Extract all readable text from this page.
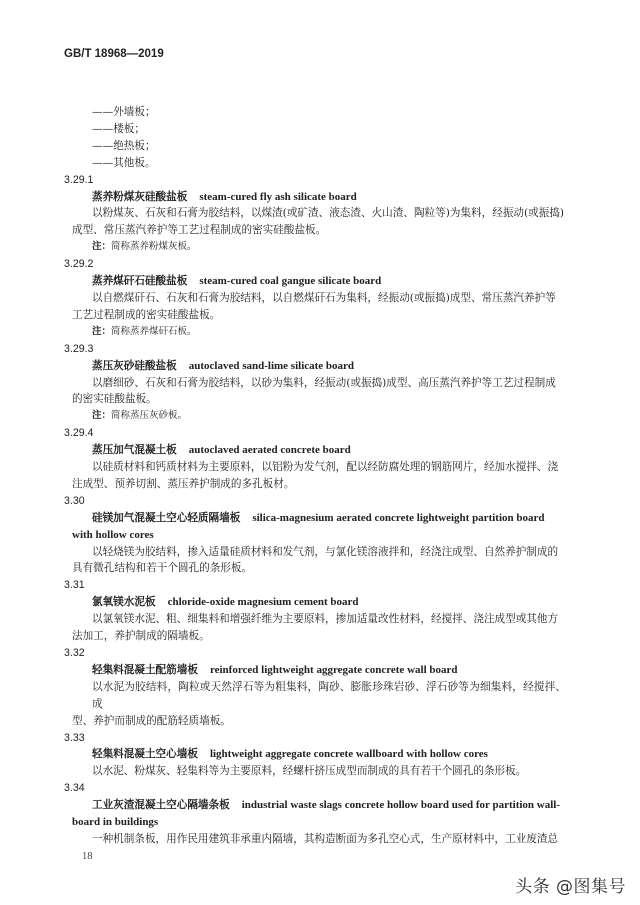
GB/T 18968—2019
——外墙板；
——楼板；
——绝热板；
——其他板。
3.29.1
蒸养粉煤灰硅酸盐板 steam-cured fly ash silicate board
以粉煤灰、石灰和石膏为胶结料，以煤渣(或矿渣、液态渣、火山渣、陶粒等)为集料，经振动(或振捣)
成型、常压蒸汽养护等工艺过程制成的密实硅酸盐板。
注：简称蒸养粉煤灰板。
3.29.2
蒸养煤矸石硅酸盐板 steam-cured coal gangue silicate board
以自燃煤矸石、石灰和石膏为胶结料，以自燃煤矸石为集料，经振动(或振捣)成型、常压蒸汽养护等
工艺过程制成的密实硅酸盐板。
注：简称蒸养煤矸石板。
3.29.3
蒸压灰砂硅酸盐板 autoclaved sand-lime silicate board
以磨细砂、石灰和石膏为胶结料，以砂为集料，经振动(或振捣)成型、高压蒸汽养护等工艺过程制成
的密实硅酸盐板。
注：简称蒸压灰砂板。
3.29.4
蒸压加气混凝土板 autoclaved aerated concrete board
以硅质材料和钙质材料为主要原料，以铝粉为发气剂，配以经防腐处理的钢筋网片，经加水搅拌、浇
注成型、预养切割、蒸压养护制成的多孔板材。
3.30
硅镁加气混凝土空心轻质隔墙板 silica-magnesium aerated concrete lightweight partition board
with hollow cores
以轻烧镁为胶结料，掺入适量硅质材料和发气剂，与氯化镁溶液拌和，经浇注成型、自然养护制成的
具有微孔结构和若干个圆孔的条形板。
3.31
氯氧镁水泥板 chloride-oxide magnesium cement board
以氯氧镁水泥、粗、细集料和增强纤维为主要原料，掺加适量改性材料，经搅拌、浇注成型或其他方
法加工，养护制成的隔墙板。
3.32
轻集料混凝土配筋墙板 reinforced lightweight aggregate concrete wall board
以水泥为胶结料，陶粒或天然浮石等为粗集料，陶砂、膨胀珍珠岩砂、浮石砂等为细集料，经搅拌、成
型、养护而制成的配筋轻质墙板。
3.33
轻集料混凝土空心墙板 lightweight aggregate concrete wallboard with hollow cores
以水泥、粉煤灰、轻集料等为主要原料，经螺杆挤压成型而制成的具有若干个圆孔的条形板。
3.34
工业灰渣混凝土空心隔墙条板 industrial waste slags concrete hollow board used for partition wall-
board in buildings
一种机制条板，用作民用建筑非承重内隔墙，其构造断面为多孔空心式，生产原材料中，工业废渣总
18
头条 @图集号
